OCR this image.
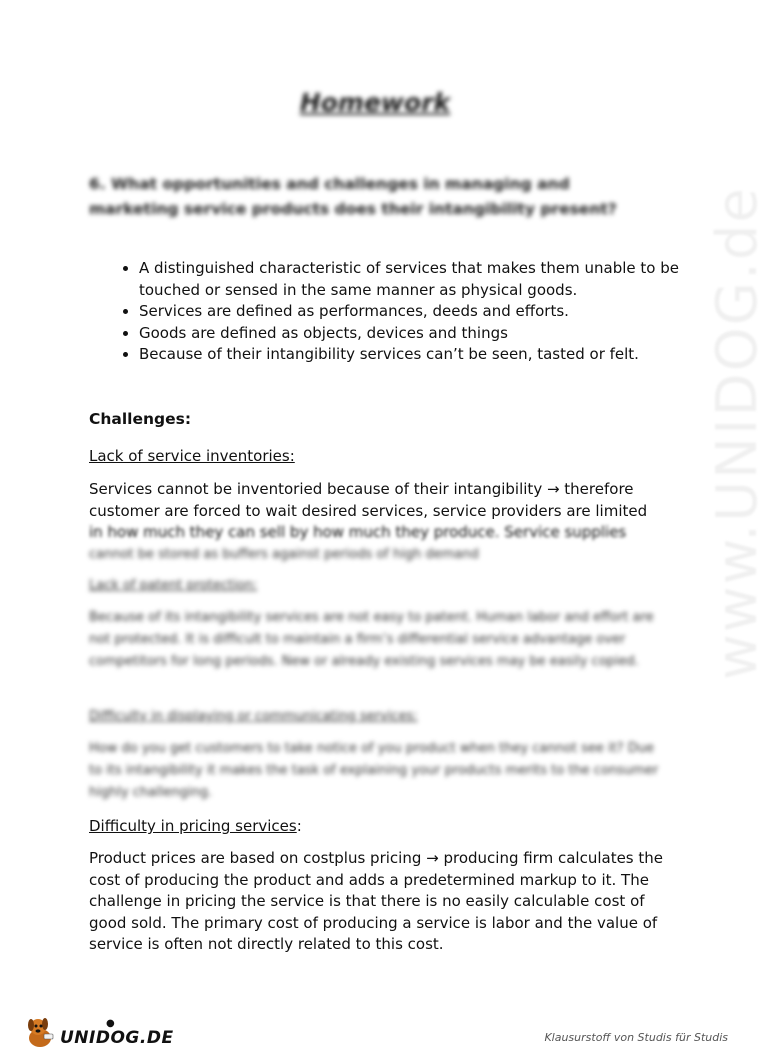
www.UNIDOG.de
Homework
6. What opportunities and challenges in managing and marketing service products does their intangibility present?
• A distinguished characteristic of services that makes them unable to be touched or sensed in the same manner as physical goods.
• Services are defined as performances, deeds and efforts.
• Goods are defined as objects, devices and things
• Because of their intangibility services can’t be seen, tasted or felt.
Challenges:
Lack of service inventories:
Services cannot be inventoried because of their intangibility → therefore
customer are forced to wait desired services, service providers are limited
in how much they can sell by how much they produce. Service supplies
cannot be stored as buffers against periods of high demand
Lack of patent protection:

Because of its intangibility services are not easy to patent. Human labor and effort are not protected. It is difficult to maintain a firm’s differential service advantage over competitors for long periods. New or already existing services may be easily copied.

Difficulty in displaying or communicating services:

How do you get customers to take notice of you product when they cannot see it? Due to its intangibility it makes the task of explaining your products merits to the consumer highly challenging.

Difficulty in pricing services:

Product prices are based on costplus pricing → producing firm calculates the cost of producing the product and adds a predetermined markup to it. The challenge in pricing the service is that there is no easily calculable cost of good sold. The primary cost of producing a service is labor and the value of service is often not directly related to this cost.

●
UNIDOG.DE	Klausurstoff von Studis für Studis
